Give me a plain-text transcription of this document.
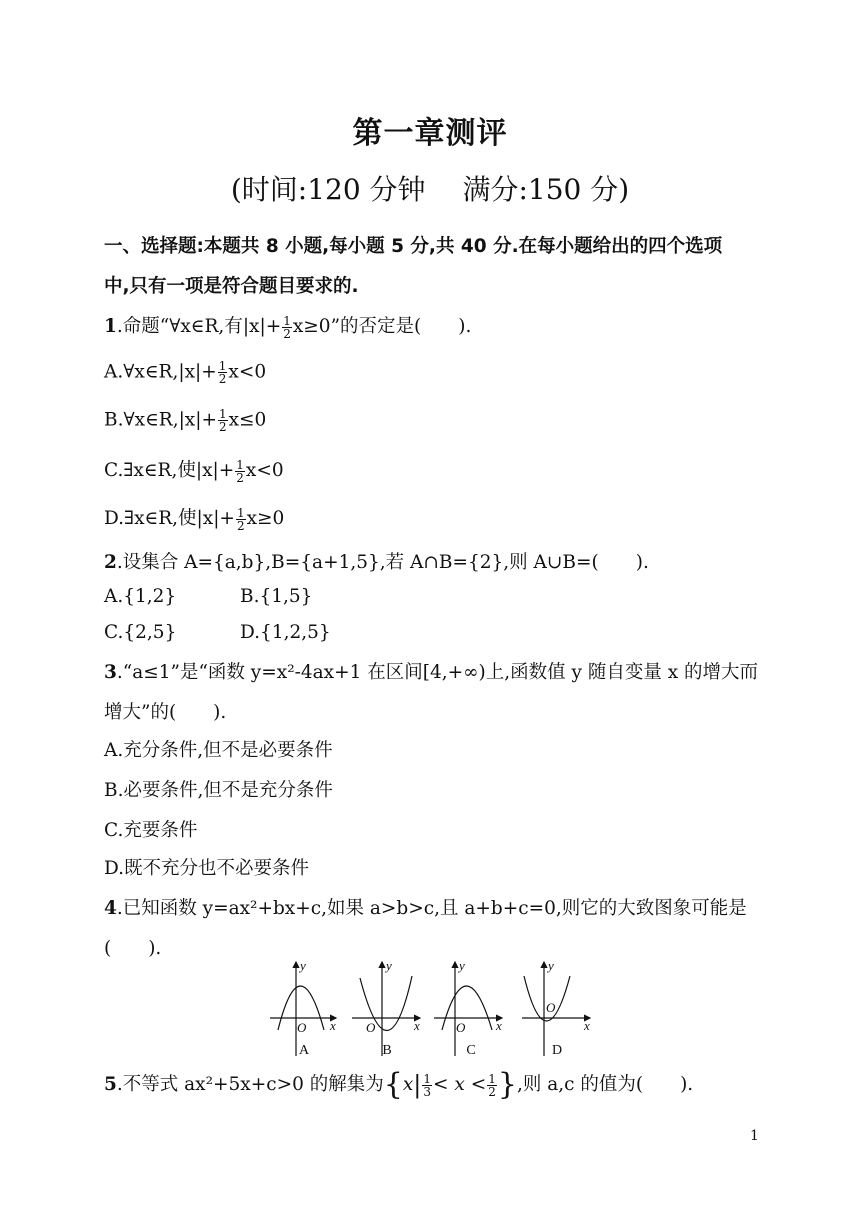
第一章测评
(时间:120 分钟　 满分:150 分)
一、选择题:本题共 8 小题,每小题 5 分,共 40 分.在每小题给出的四个选项
中,只有一项是符合题目要求的.
1.命题“∀x∈R,有$|x|+ \frac{1}{2} x\ge 0$”的否定是(　　).
A.∀x∈R,|x|+ $\frac{1}{2} x<0$
B.∀x∈R,|x|+ $\frac{1}{2} x\le 0$
C.∃x∈R,使$|x|+ \frac{1}{2} x<0$
D.∃x∈R,使$|x|+ \frac{1}{2} x\ge 0$
2.设集合 A={a,b},B={a+1,5},若 A∩B={2},则 A∪B=(　　).
A.{1,2}	B.{1,5}
C.{2,5}	D.{1,2,5}
3.“a≤1”是“函数 y=x²-4ax+1 在区间[4,+∞)上,函数值 y 随自变量 x 的增大而
增大”的(　　).
A.充分条件,但不是必要条件
B.必要条件,但不是充分条件
C.充要条件
D.既不充分也不必要条件
4.已知函数 y=ax²+bx+c,如果 a>b>c,且 a+b+c=0,则它的大致图象可能是
(　　).
y
x
O
y
x
O
y
x
O
y
x
O
A	B	C	D
5.不等式 ax²+5x+c>0 的解集为{$x| \frac{1}{3} < x < \frac{1}{2}$ },则 a,c 的值为(　　).
1
